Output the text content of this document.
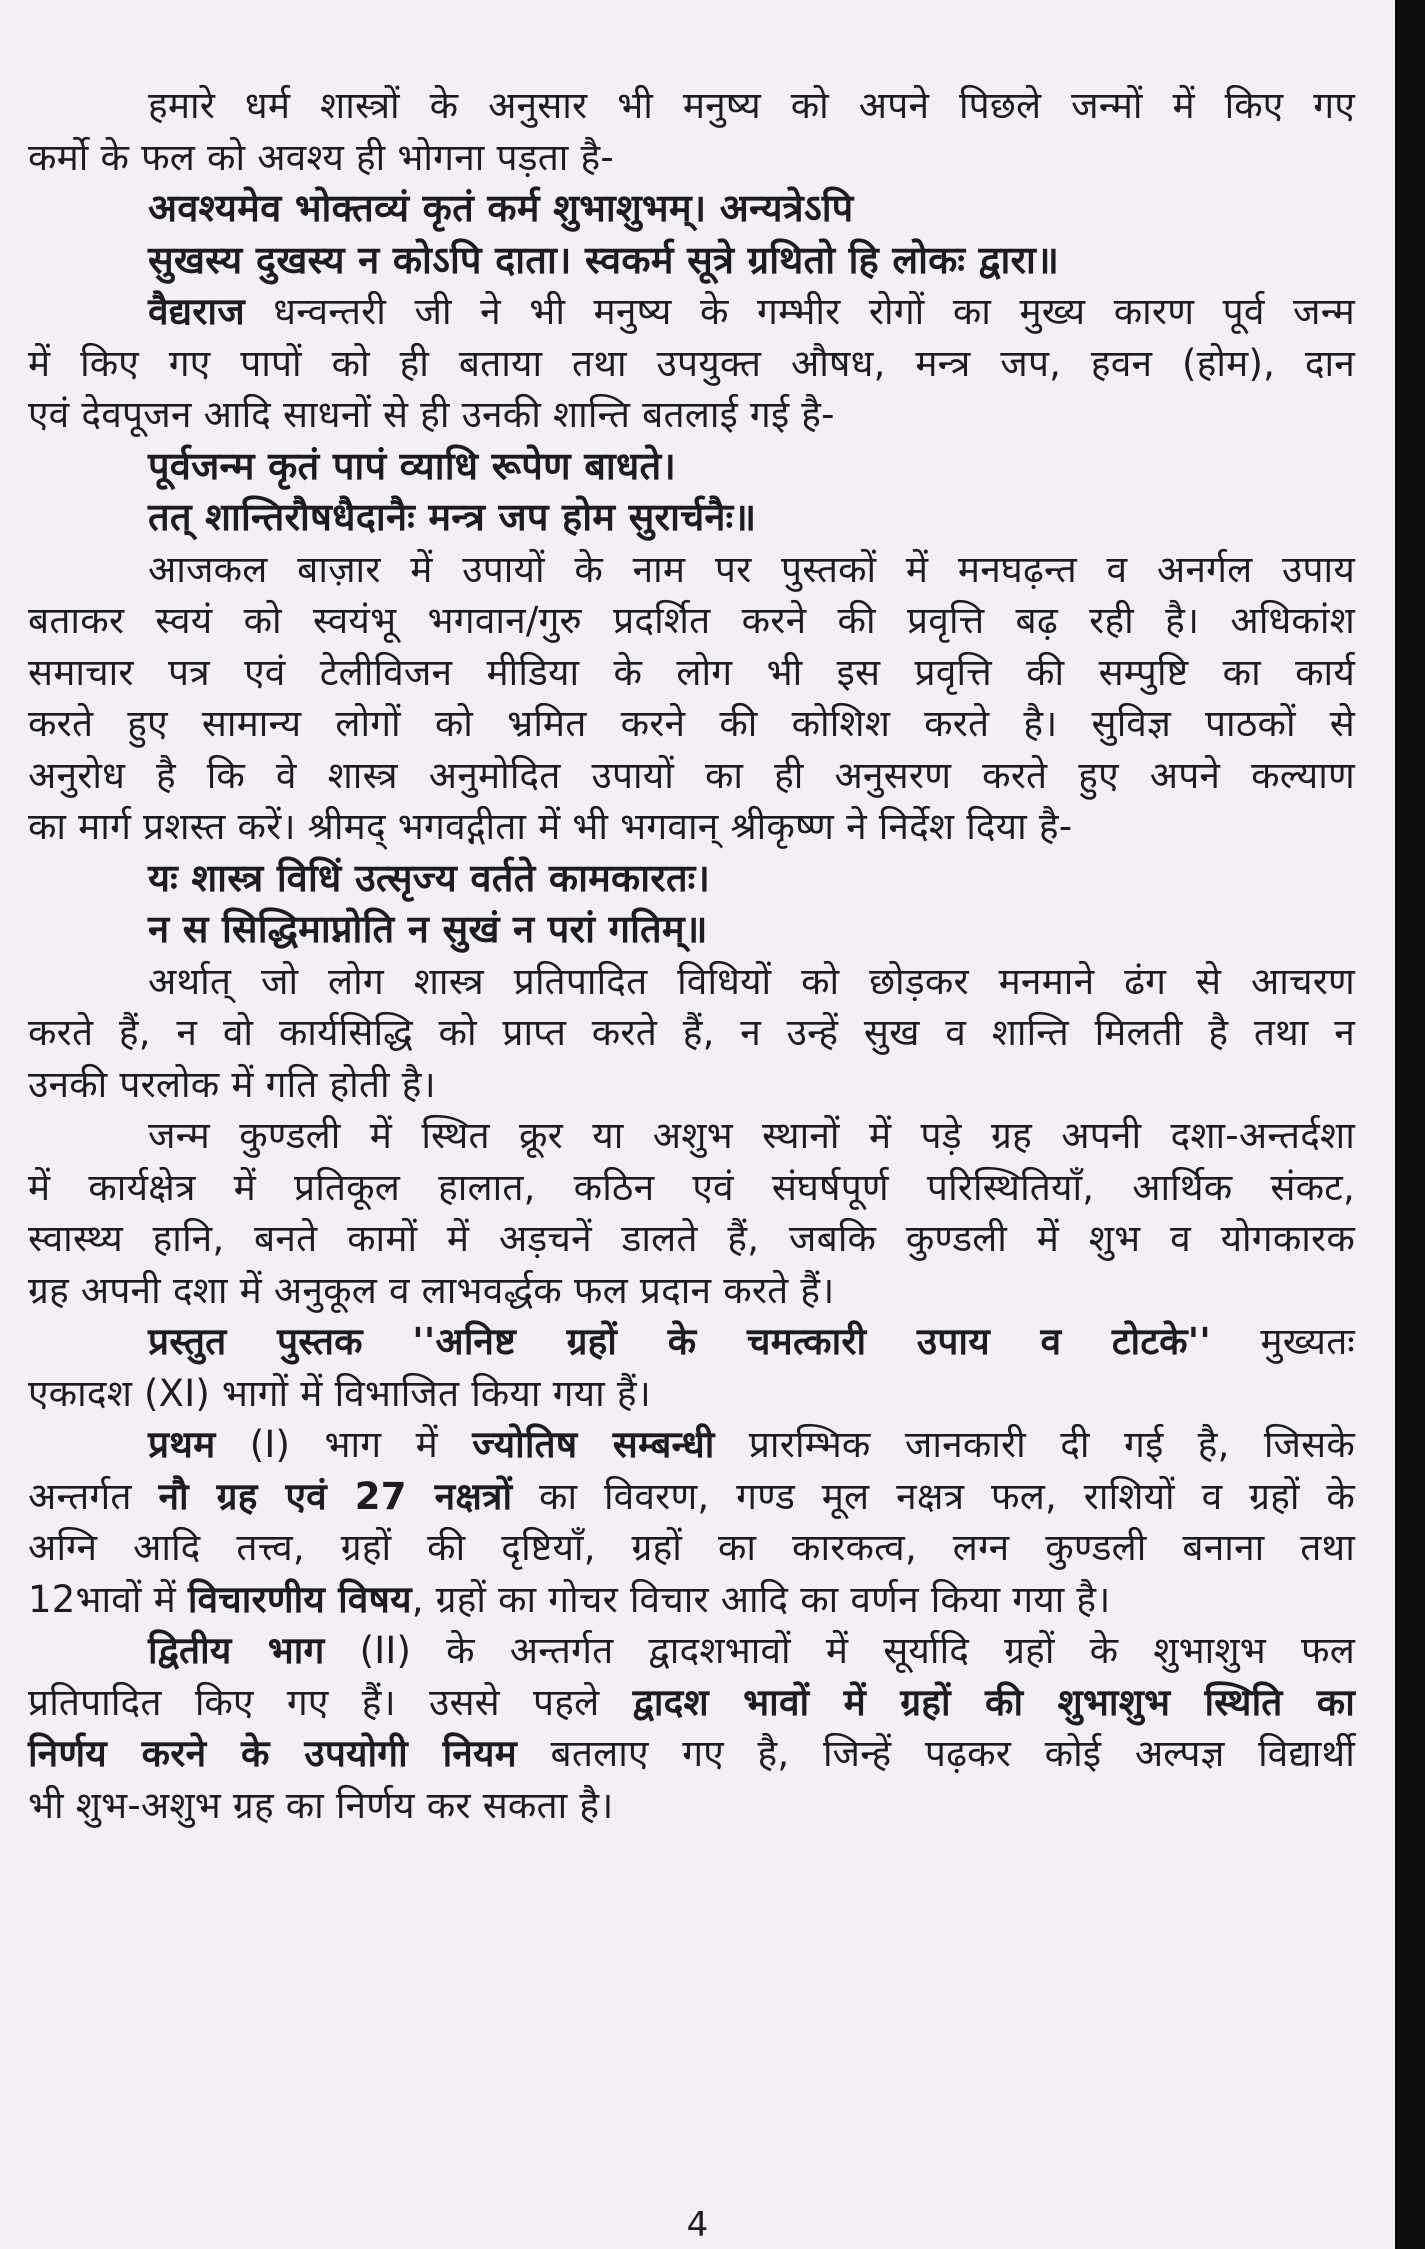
हमारे धर्म शास्त्रों के अनुसार भी मनुष्य को अपने पिछले जन्मों में किए गए
कर्मो के फल को अवश्य ही भोगना पड़ता है-
अवश्यमेव भोक्तव्यं कृतं कर्म शुभाशुभम्। अन्यत्रेऽपि
सुखस्य दुखस्य न कोऽपि दाता। स्वकर्म सूत्रे ग्रथितो हि लोकः द्वारा॥
वैद्यराज धन्वन्तरी जी ने भी मनुष्य के गम्भीर रोगों का मुख्य कारण पूर्व जन्म
में किए गए पापों को ही बताया तथा उपयुक्त औषध, मन्त्र जप, हवन (होम), दान
एवं देवपूजन आदि साधनों से ही उनकी शान्ति बतलाई गई है-
पूर्वजन्म कृतं पापं व्याधि रूपेण बाधते।
तत् शान्तिरौषधैदानैः मन्त्र जप होम सुरार्चनैः॥
आजकल बाज़ार में उपायों के नाम पर पुस्तकों में मनघढ़न्त व अनर्गल उपाय
बताकर स्वयं को स्वयंभू भगवान/गुरु प्रदर्शित करने की प्रवृत्ति बढ़ रही है। अधिकांश
समाचार पत्र एवं टेलीविजन मीडिया के लोग भी इस प्रवृत्ति की सम्पुष्टि का कार्य
करते हुए सामान्य लोगों को भ्रमित करने की कोशिश करते है। सुविज्ञ पाठकों से
अनुरोध है कि वे शास्त्र अनुमोदित उपायों का ही अनुसरण करते हुए अपने कल्याण
का मार्ग प्रशस्त करें। श्रीमद् भगवद्गीता में भी भगवान् श्रीकृष्ण ने निर्देश दिया है-
यः शास्त्र विधिं उत्सृज्य वर्तते कामकारतः।
न स सिद्धिमाप्नोति न सुखं न परां गतिम्॥
अर्थात् जो लोग शास्त्र प्रतिपादित विधियों को छोड़कर मनमाने ढंग से आचरण
करते हैं, न वो कार्यसिद्धि को प्राप्त करते हैं, न उन्हें सुख व शान्ति मिलती है तथा न
उनकी परलोक में गति होती है।
जन्म कुण्डली में स्थित क्रूर या अशुभ स्थानों में पड़े ग्रह अपनी दशा-अन्तर्दशा
में कार्यक्षेत्र में प्रतिकूल हालात, कठिन एवं संघर्षपूर्ण परिस्थितियाँ, आर्थिक संकट,
स्वास्थ्य हानि, बनते कामों में अड़चनें डालते हैं, जबकि कुण्डली में शुभ व योगकारक
ग्रह अपनी दशा में अनुकूल व लाभवर्द्धक फल प्रदान करते हैं।
प्रस्तुत पुस्तक ''अनिष्ट ग्रहों के चमत्कारी उपाय व टोटके'' मुख्यतः
एकादश (XI) भागों में विभाजित किया गया हैं।
प्रथम (I) भाग में ज्योतिष सम्बन्धी प्रारम्भिक जानकारी दी गई है, जिसके
अन्तर्गत नौ ग्रह एवं 27 नक्षत्रों का विवरण, गण्ड मूल नक्षत्र फल, राशियों व ग्रहों के
अग्नि आदि तत्त्व, ग्रहों की दृष्टियाँ, ग्रहों का कारकत्व, लग्न कुण्डली बनाना तथा
12भावों में विचारणीय विषय, ग्रहों का गोचर विचार आदि का वर्णन किया गया है।
द्वितीय भाग (II) के अन्तर्गत द्वादशभावों में सूर्यादि ग्रहों के शुभाशुभ फल
प्रतिपादित किए गए हैं। उससे पहले द्वादश भावों में ग्रहों की शुभाशुभ स्थिति का
निर्णय करने के उपयोगी नियम बतलाए गए है, जिन्हें पढ़कर कोई अल्पज्ञ विद्यार्थी
भी शुभ-अशुभ ग्रह का निर्णय कर सकता है।
4
